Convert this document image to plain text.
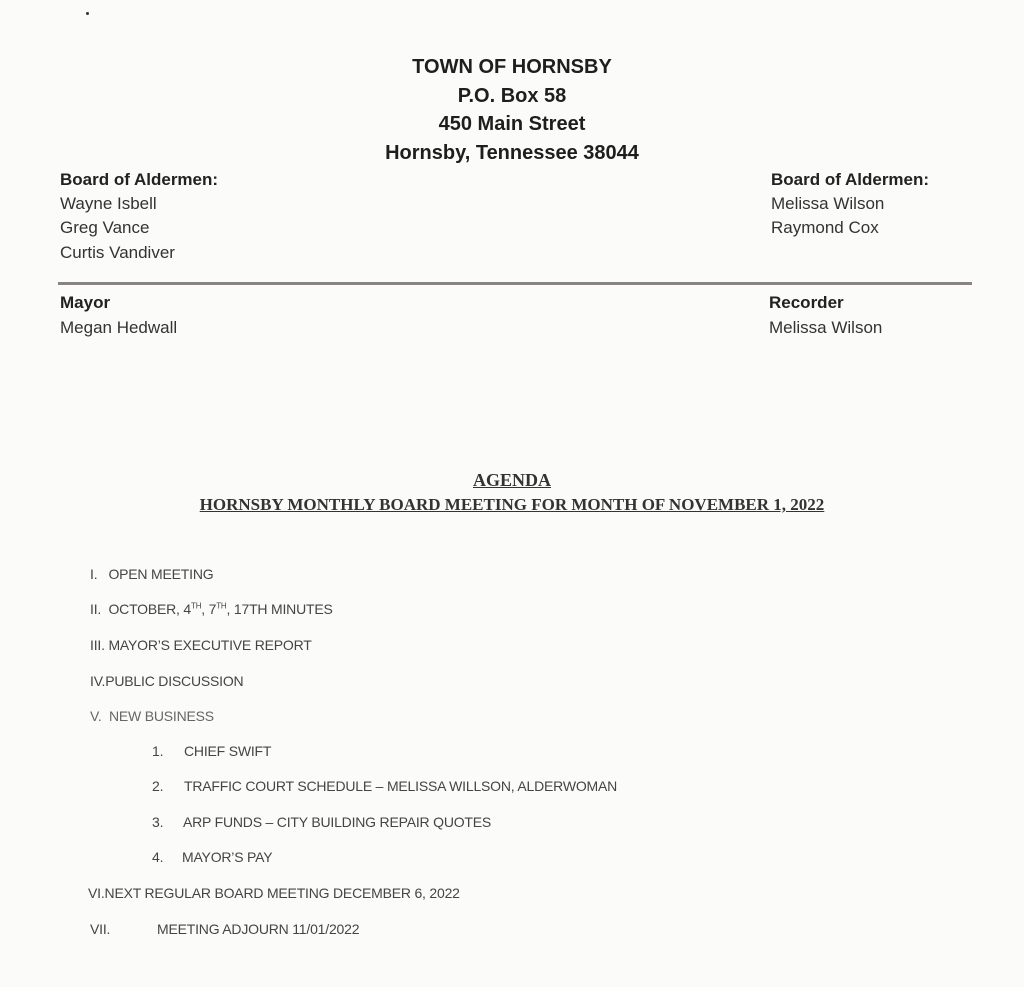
TOWN OF HORNSBY
P.O. Box 58
450 Main Street
Hornsby, Tennessee 38044
Board of Aldermen:
Wayne Isbell
Greg Vance
Curtis Vandiver
Board of Aldermen:
Melissa Wilson
Raymond Cox
Mayor
Megan Hedwall
Recorder
Melissa Wilson
AGENDA
HORNSBY MONTHLY BOARD MEETING FOR MONTH OF NOVEMBER 1, 2022
I. OPEN MEETING
II. OCTOBER, 4TH, 7TH, 17TH MINUTES
III. MAYOR’S EXECUTIVE REPORT
IV.PUBLIC DISCUSSION
V. NEW BUSINESS
1. CHIEF SWIFT
2. TRAFFIC COURT SCHEDULE – MELISSA WILLSON, ALDERWOMAN
3. ARP FUNDS – CITY BUILDING REPAIR QUOTES
4. MAYOR’S PAY
VI.NEXT REGULAR BOARD MEETING DECEMBER 6, 2022
VII.	MEETING ADJOURN 11/01/2022
